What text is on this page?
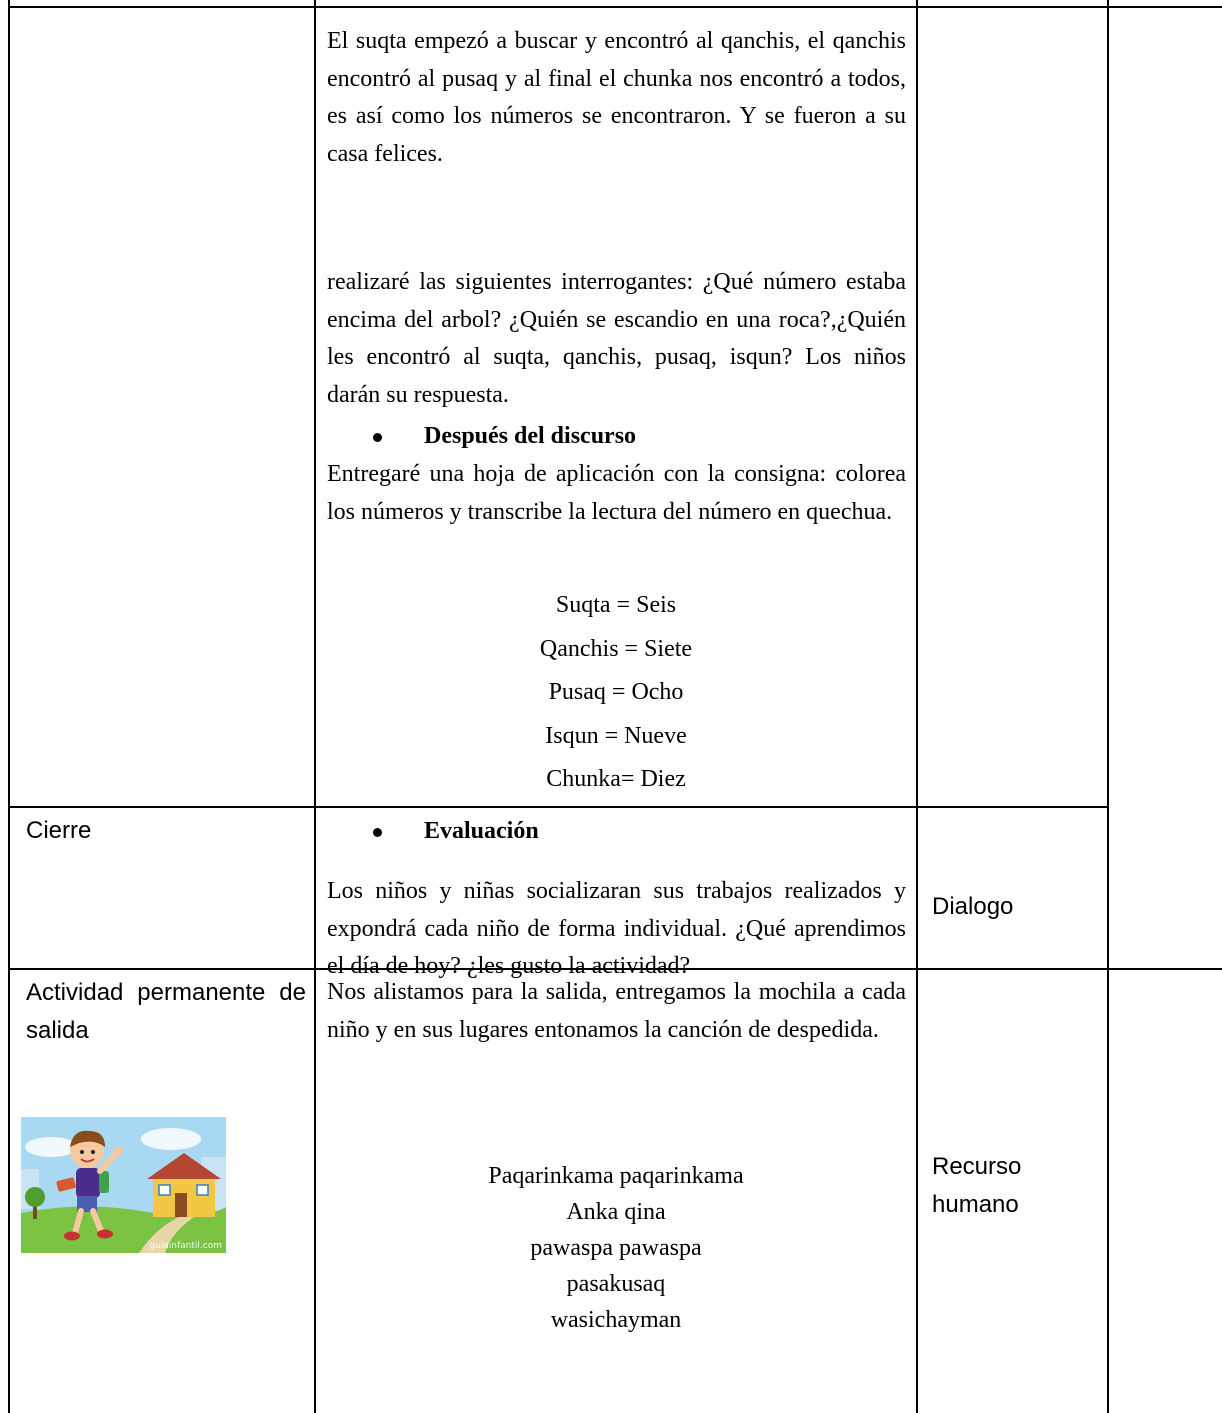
El suqta empezó a buscar y encontró al qanchis, el qanchis encontró al pusaq y al final el chunka nos encontró a todos, es así como los números se encontraron. Y se fueron a su casa felices.
realizaré las siguientes interrogantes: ¿Qué número estaba encima del arbol? ¿Quién se escandio en una roca?,¿Quién les encontró al suqta, qanchis, pusaq, isqun? Los niños darán su respuesta.
Después del discurso
Entregaré una hoja de aplicación con la consigna: colorea los números y transcribe la lectura del número en quechua.
Suqta = Seis
Qanchis = Siete
Pusaq = Ocho
Isqun = Nueve
Chunka= Diez
Cierre	Evaluación
Los niños y niñas socializaran sus trabajos realizados y expondrá cada niño de forma individual. ¿Qué aprendimos el día de hoy? ¿les gusto la actividad?
Dialogo
Actividad permanente de salida
Nos alistamos para la salida, entregamos la mochila a cada niño y en sus lugares entonamos la canción de despedida.
Paqarinkama paqarinkama
Anka qina
pawaspa pawaspa
pasakusaq
wasichayman
Recurso humano
guiainfantil.com
